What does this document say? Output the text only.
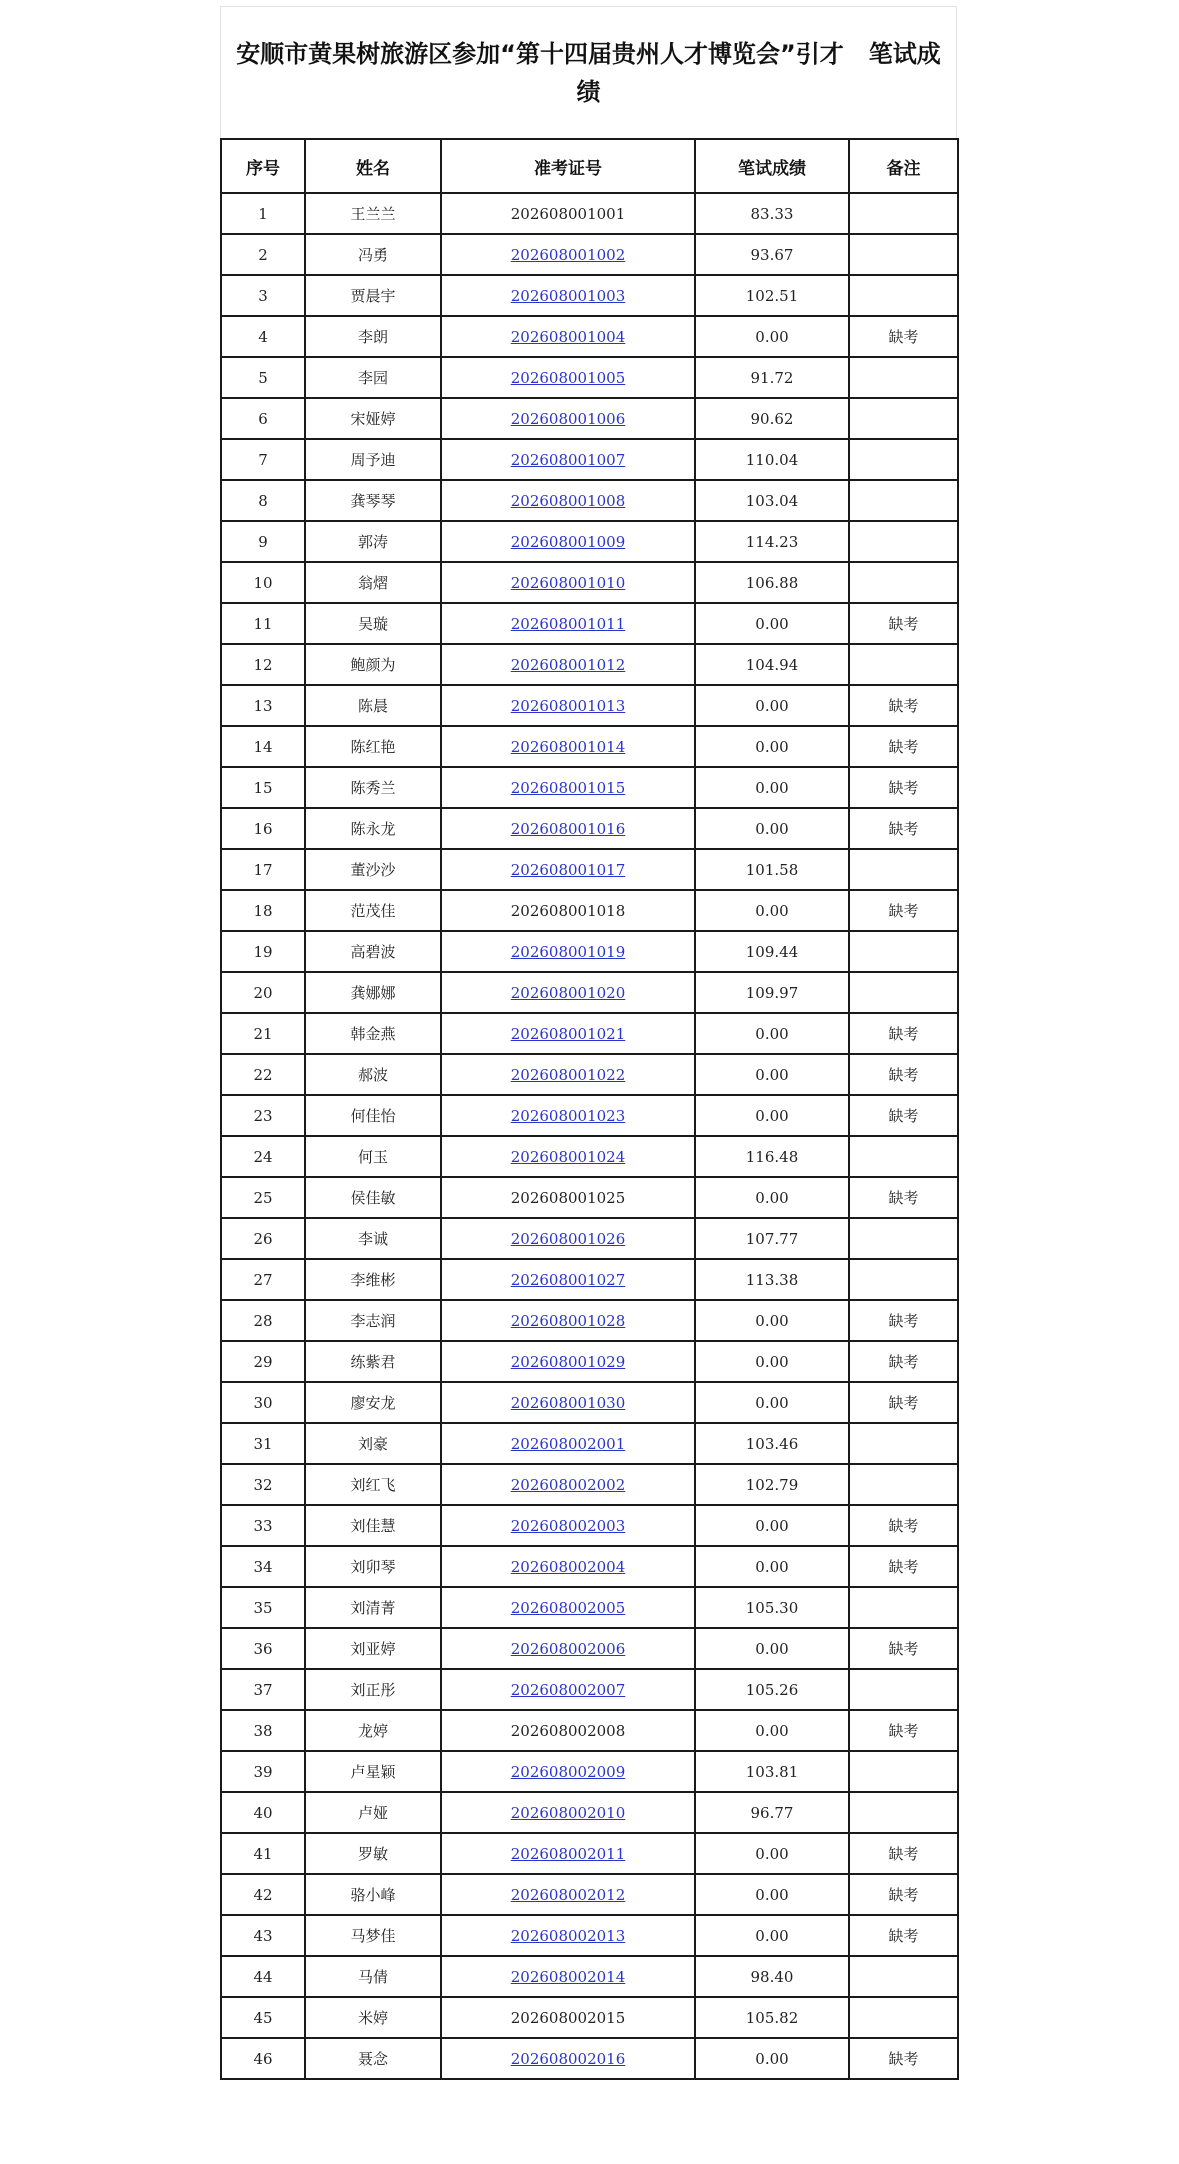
安顺市黄果树旅游区参加“第十四届贵州人才博览会”引才   笔试成绩
序号	姓名	准考证号	笔试成绩	备注
1	王兰兰	202608001001	83.33	
2	冯勇	202608001002	93.67	
3	贾晨宇	202608001003	102.51	
4	李朗	202608001004	0.00	缺考
5	李园	202608001005	91.72	
6	宋娅婷	202608001006	90.62	
7	周予迪	202608001007	110.04	
8	龚琴琴	202608001008	103.04	
9	郭涛	202608001009	114.23	
10	翁熠	202608001010	106.88	
11	吴璇	202608001011	0.00	缺考
12	鲍颜为	202608001012	104.94	
13	陈晨	202608001013	0.00	缺考
14	陈红艳	202608001014	0.00	缺考
15	陈秀兰	202608001015	0.00	缺考
16	陈永龙	202608001016	0.00	缺考
17	董沙沙	202608001017	101.58	
18	范茂佳	202608001018	0.00	缺考
19	高碧波	202608001019	109.44	
20	龚娜娜	202608001020	109.97	
21	韩金燕	202608001021	0.00	缺考
22	郝波	202608001022	0.00	缺考
23	何佳怡	202608001023	0.00	缺考
24	何玉	202608001024	116.48	
25	侯佳敏	202608001025	0.00	缺考
26	李诚	202608001026	107.77	
27	李维彬	202608001027	113.38	
28	李志润	202608001028	0.00	缺考
29	练紫君	202608001029	0.00	缺考
30	廖安龙	202608001030	0.00	缺考
31	刘豪	202608002001	103.46	
32	刘红飞	202608002002	102.79	
33	刘佳慧	202608002003	0.00	缺考
34	刘卯琴	202608002004	0.00	缺考
35	刘清菁	202608002005	105.30	
36	刘亚婷	202608002006	0.00	缺考
37	刘正彤	202608002007	105.26	
38	龙婷	202608002008	0.00	缺考
39	卢星颖	202608002009	103.81	
40	卢娅	202608002010	96.77	
41	罗敏	202608002011	0.00	缺考
42	骆小峰	202608002012	0.00	缺考
43	马梦佳	202608002013	0.00	缺考
44	马倩	202608002014	98.40	
45	米婷	202608002015	105.82	
46	聂念	202608002016	0.00	缺考
